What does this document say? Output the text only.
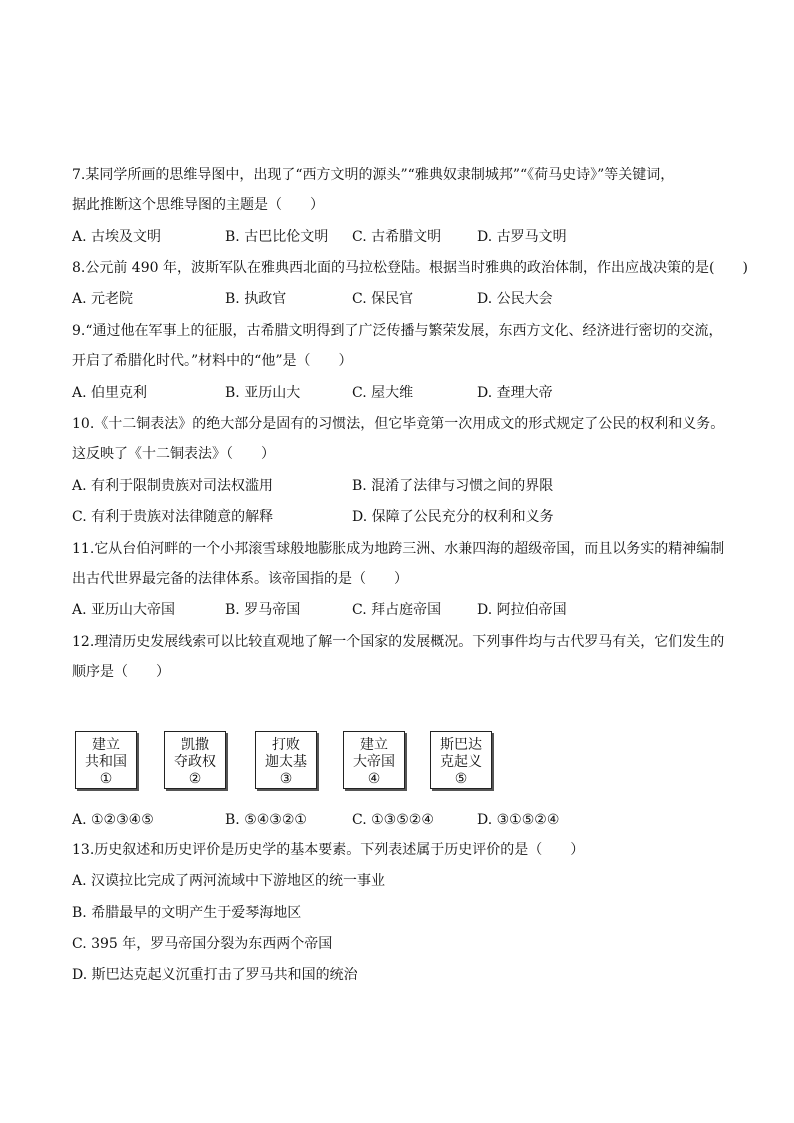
7.某同学所画的思维导图中，出现了“西方文明的源头”“雅典奴隶制城邦”“《荷马史诗》”等关键词，
据此推断这个思维导图的主题是（　　）
A. 古埃及文明	B. 古巴比伦文明 C. 古希腊文明	D. 古罗马文明
8.公元前 490 年，波斯军队在雅典西北面的马拉松登陆。根据当时雅典的政治体制，作出应战决策的是(　　)
A. 元老院	B. 执政官	C. 保民官	D. 公民大会
9.“通过他在军事上的征服，古希腊文明得到了广泛传播与繁荣发展，东西方文化、经济进行密切的交流，
开启了希腊化时代。”材料中的“他”是（　　）
A. 伯里克利	B. 亚历山大	C. 屋大维	D. 查理大帝
10.《十二铜表法》的绝大部分是固有的习惯法，但它毕竟第一次用成文的形式规定了公民的权利和义务。
这反映了《十二铜表法》（　　）
A. 有利于限制贵族对司法权滥用	B. 混淆了法律与习惯之间的界限
C. 有利于贵族对法律随意的解释	D. 保障了公民充分的权利和义务
11.它从台伯河畔的一个小邦滚雪球般地膨胀成为地跨三洲、水兼四海的超级帝国，而且以务实的精神编制
出古代世界最完备的法律体系。该帝国指的是（　　）
A. 亚历山大帝国	B. 罗马帝国	C. 拜占庭帝国	D. 阿拉伯帝国
12.理清历史发展线索可以比较直观地了解一个国家的发展概况。下列事件均与古代罗马有关，它们发生的
顺序是（　　）
建立
共和国
①
凯撒
夺政权
②
打败
迦太基
③
建立
大帝国
④
斯巴达
克起义
⑤
A. ①②③④⑤	B. ⑤④③②①	C. ①③⑤②④	D. ③①⑤②④
13.历史叙述和历史评价是历史学的基本要素。下列表述属于历史评价的是（　　）
A. 汉谟拉比完成了两河流域中下游地区的统一事业
B. 希腊最早的文明产生于爱琴海地区
C. 395 年，罗马帝国分裂为东西两个帝国
D. 斯巴达克起义沉重打击了罗马共和国的统治
